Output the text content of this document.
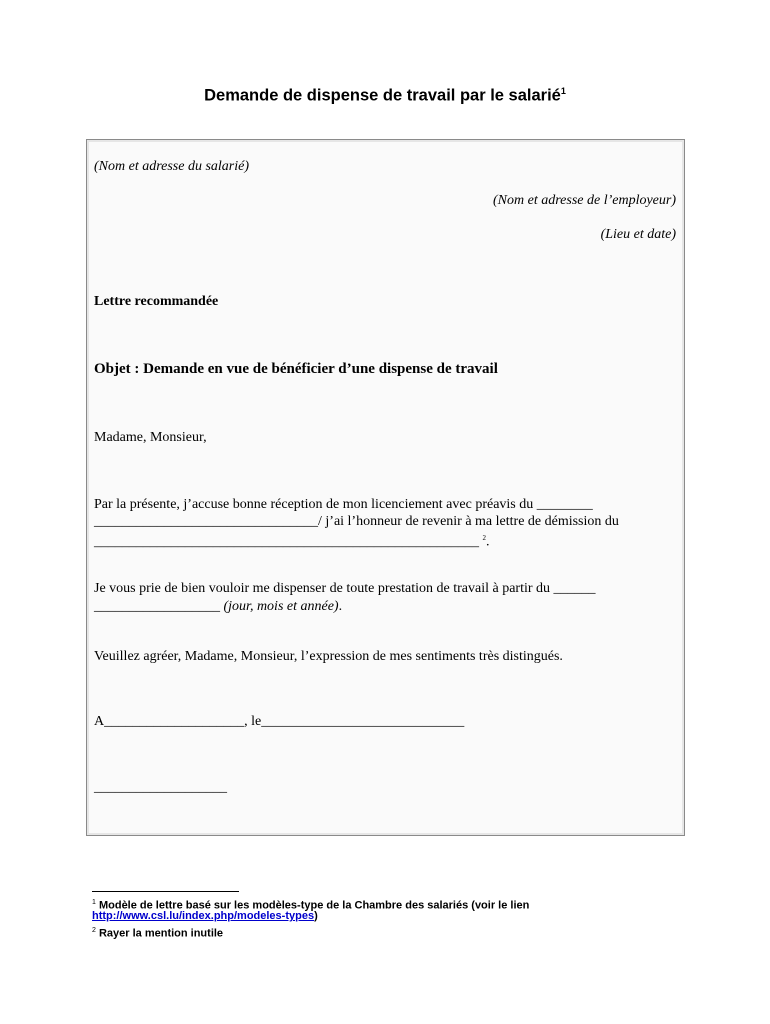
Demande de dispense de travail par le salarié$^1$
(Nom et adresse du salarié)
(Nom et adresse de l’employeur)
(Lieu et date)
Lettre recommandée
Objet : Demande en vue de bénéficier d’une dispense de travail
Madame, Monsieur,
Par la présente, j’accuse bonne réception de mon licenciement avec préavis du ________
________________________________/ j’ai l’honneur de revenir à ma lettre de démission du
_______________________________________________________ $^2$.
Je vous prie de bien vouloir me dispenser de toute prestation de travail à partir du ______
__________________ (jour, mois et année).
Veuillez agréer, Madame, Monsieur, l’expression de mes sentiments très distingués.
A____________________, le_____________________________
___________________
$^1$ Modèle de lettre basé sur les modèles-type de la Chambre des salariés (voir le lien
http://www.csl.lu/index.php/modeles-types)
$^2$ Rayer la mention inutile
